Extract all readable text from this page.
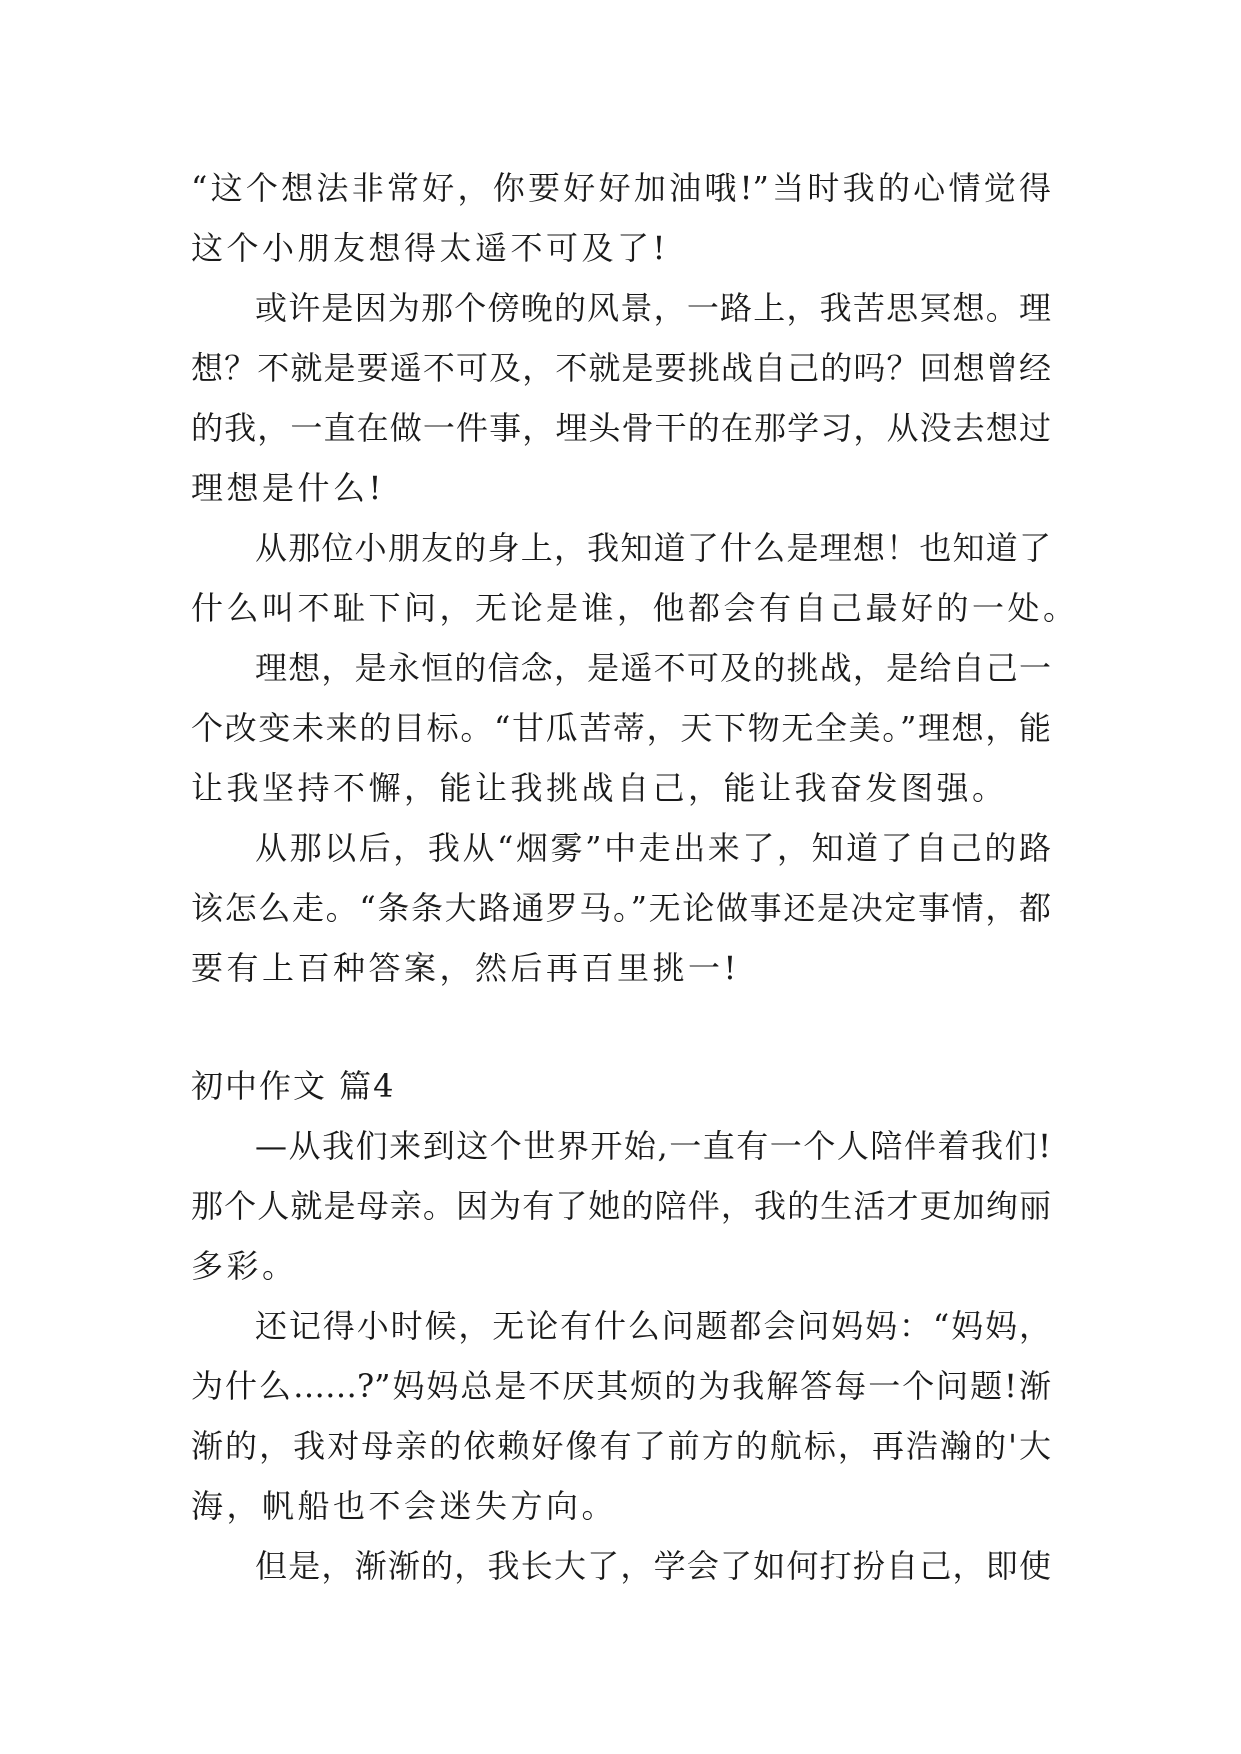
“这个想法非常好，你要好好加油哦!”当时我的心情觉得
这个小朋友想得太遥不可及了!
或许是因为那个傍晚的风景，一路上，我苦思冥想。理
想？不就是要遥不可及，不就是要挑战自己的吗？回想曾经
的我，一直在做一件事，埋头骨干的在那学习，从没去想过
理想是什么!
从那位小朋友的身上，我知道了什么是理想！也知道了
什么叫不耻下问，无论是谁，他都会有自己最好的一处。
理想，是永恒的信念，是遥不可及的挑战，是给自己一
个改变未来的目标。“甘瓜苦蒂，天下物无全美。”理想，能
让我坚持不懈，能让我挑战自己，能让我奋发图强。
从那以后，我从“烟雾”中走出来了，知道了自己的路
该怎么走。“条条大路通罗马。”无论做事还是决定事情，都
要有上百种答案，然后再百里挑一!
初中作文 篇4
—从我们来到这个世界开始,一直有一个人陪伴着我们!
那个人就是母亲。因为有了她的陪伴，我的生活才更加绚丽
多彩。
还记得小时候，无论有什么问题都会问妈妈：“妈妈，
为什么……?”妈妈总是不厌其烦的为我解答每一个问题!渐
渐的，我对母亲的依赖好像有了前方的航标，再浩瀚的'大
海，帆船也不会迷失方向。
但是，渐渐的，我长大了，学会了如何打扮自己，即使
